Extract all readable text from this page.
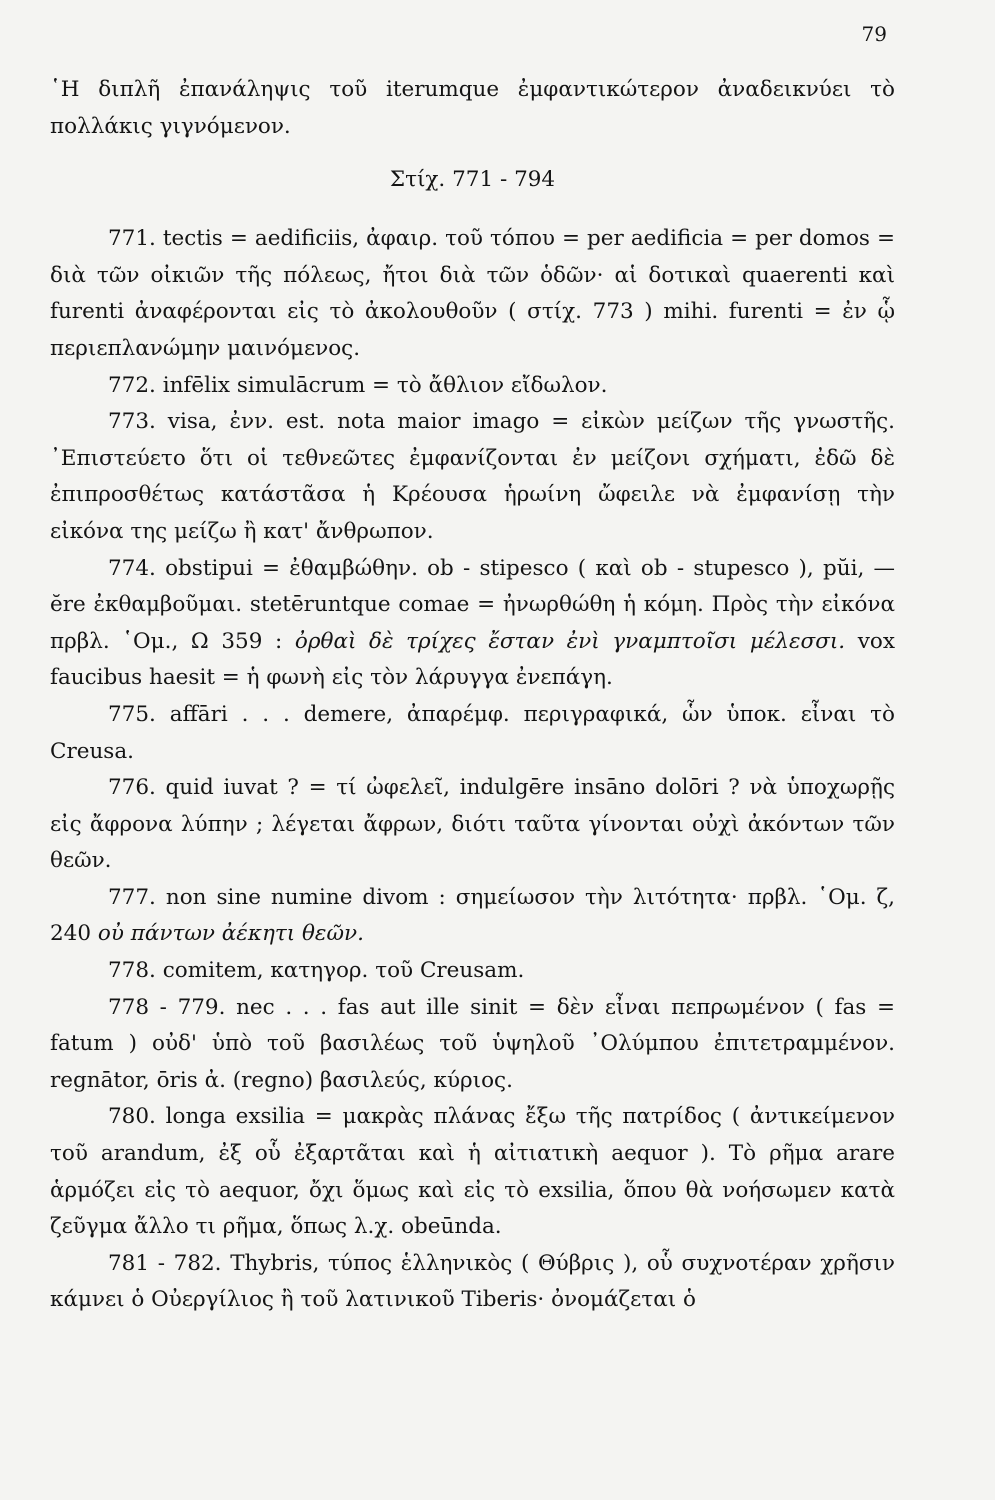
79

῾Η διπλῆ ἐπανάληψις τοῦ iterumque ἐμφαντικώτερον ἀναδεικνύει τὸ πολλάκις γιγνόμενον.

Στίχ. 771 - 794

771. tectis = aedificiis, ἀφαιρ. τοῦ τόπου = per aedificia = per domos = διὰ τῶν οἰκιῶν τῆς πόλεως, ἤτοι διὰ τῶν ὁδῶν· αἱ δοτικαὶ quaerenti καὶ furenti ἀναφέρονται εἰς τὸ ἀκολουθοῦν ( στίχ. 773 ) mihi. furenti = ἐν ᾧ περιεπλανώμην μαινόμενος.

772. infēlix simulācrum = τὸ ἄθλιον εἴδωλον.

773. visa, ἐνν. est. nota maior imago = εἰκὼν μείζων τῆς γνωστῆς. ᾿Επιστεύετο ὅτι οἱ τεθνεῶτες ἐμφανίζονται ἐν μείζονι σχήματι, ἐδῶ δὲ ἐπιπροσθέτως κατάστᾶσα ἡ Κρέουσα ἡρωίνη ὤφειλε νὰ ἐμφανίσῃ τὴν εἰκόνα της μείζω ἢ κατ' ἄνθρωπον.

774. obstipui = ἐθαμβώθην. ob - stipesco ( καὶ ob - stupesco ), pŭi, — ĕre ἐκθαμβοῦμαι. stetēruntque comae = ἠνωρθώθη ἡ κόμη. Πρὸς τὴν εἰκόνα πρβλ. ῾Ομ., Ω 359 : ὀρθαὶ δὲ τρίχες ἔσταν ἐνὶ γναμπτοῖσι μέλεσσι. vox faucibus haesit = ἡ φωνὴ εἰς τὸν λάρυγγα ἐνεπάγη.

775. affāri . . . demere, ἀπαρέμφ. περιγραφικά, ὧν ὑποκ. εἶναι τὸ Creusa.

776. quid iuvat ? = τί ὠφελεῖ, indulgēre insāno dolōri ? νὰ ὑποχωρῇς εἰς ἄφρονα λύπην ; λέγεται ἄφρων, διότι ταῦτα γίνονται οὐχὶ ἀκόντων τῶν θεῶν.

777. non sine numine divom : σημείωσον τὴν λιτότητα· πρβλ. ῾Ομ. ζ, 240 οὐ πάντων ἀέκητι θεῶν.

778. comitem, κατηγορ. τοῦ Creusam.

778 - 779. nec . . . fas aut ille sinit = δὲν εἶναι πεπρωμένον ( fas = fatum ) οὐδ' ὑπὸ τοῦ βασιλέως τοῦ ὑψηλοῦ ᾿Ολύμπου ἐπιτετραμμένον. regnātor, ōris ἀ. (regno) βασιλεύς, κύριος.

780. longa exsilia = μακρὰς πλάνας ἔξω τῆς πατρίδος ( ἀντικείμενον τοῦ arandum, ἐξ οὗ ἐξαρτᾶται καὶ ἡ αἰτιατικὴ aequor ). Τὸ ρῆμα arare ἁρμόζει εἰς τὸ aequor, ὄχι ὅμως καὶ εἰς τὸ exsilia, ὅπου θὰ νοήσωμεν κατὰ ζεῦγμα ἄλλο τι ρῆμα, ὅπως λ.χ. obeūnda.

781 - 782. Thybris, τύπος ἑλληνικὸς ( Θύβρις ), οὗ συχνοτέραν χρῆσιν κάμνει ὁ Οὐεργίλιος ἢ τοῦ λατινικοῦ Tiberis· ὀνομάζεται ὁ
